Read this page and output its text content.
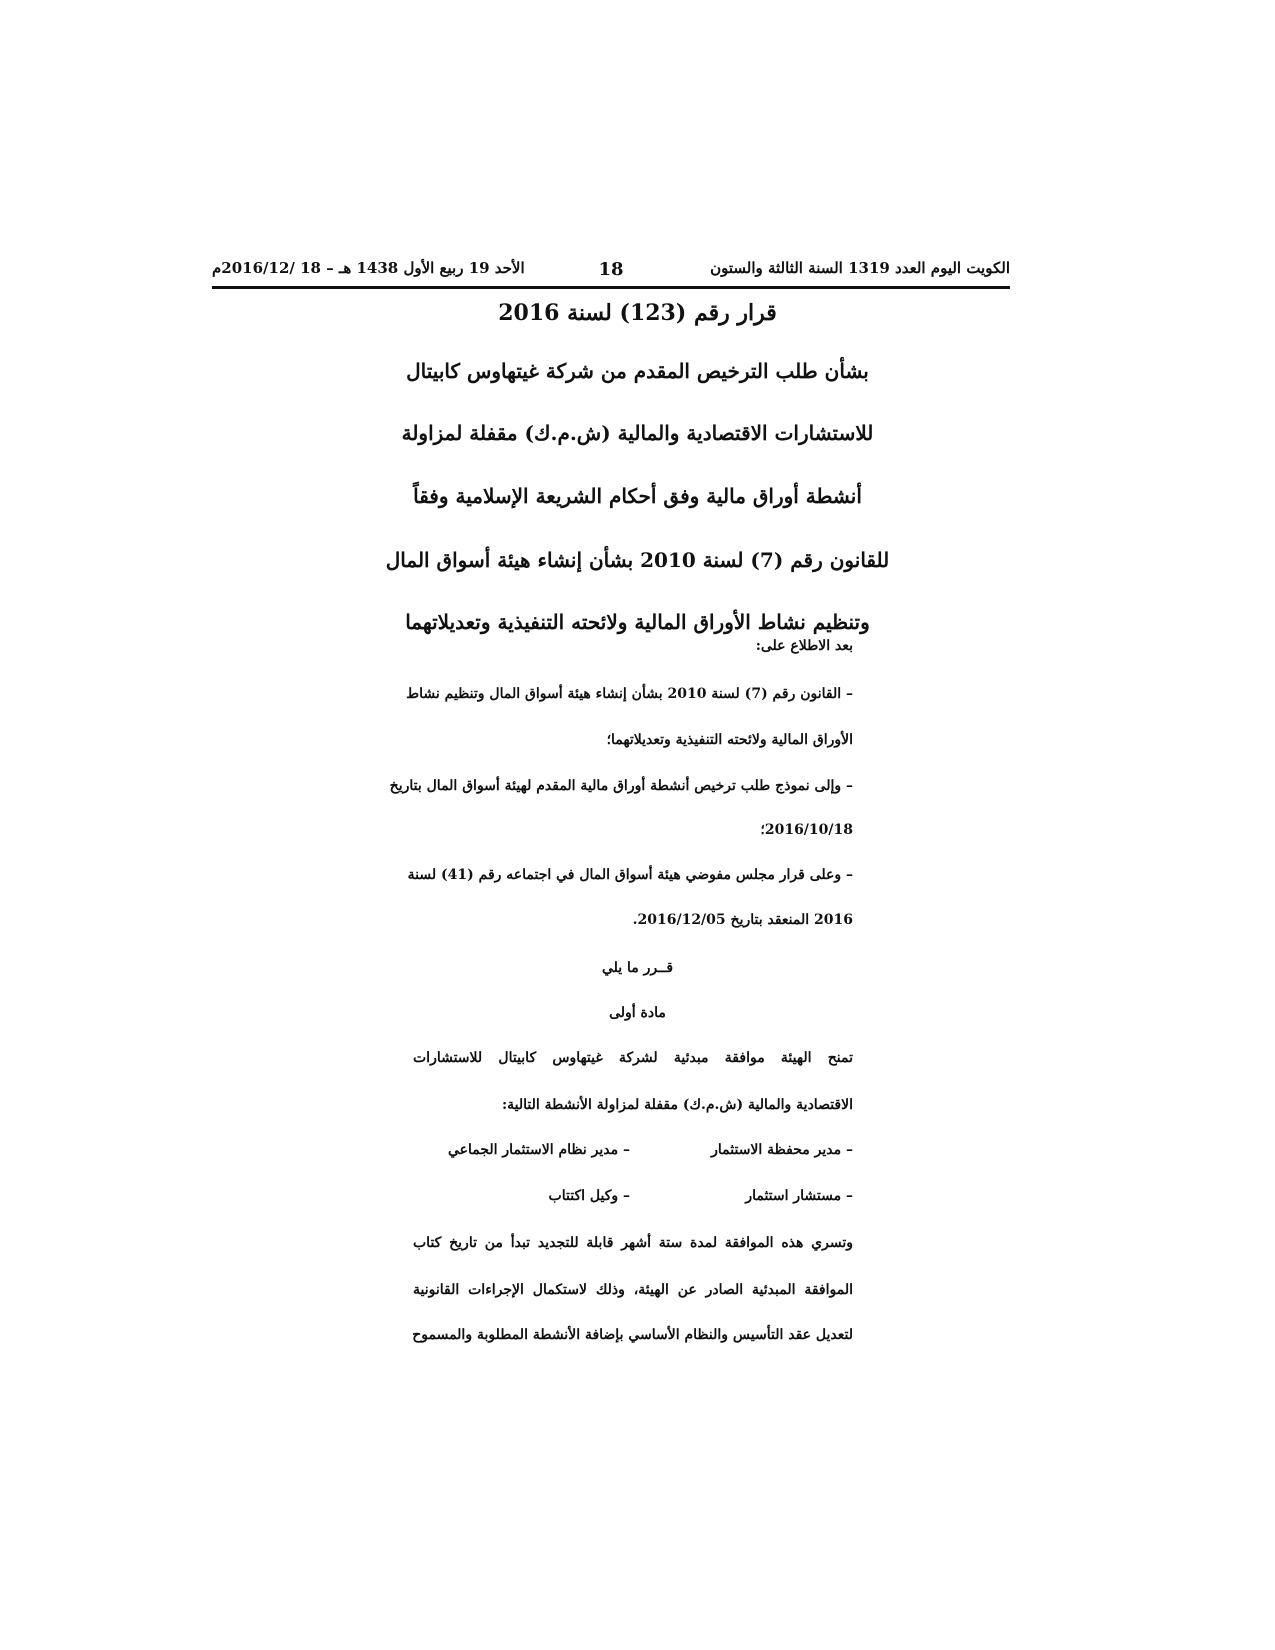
الكويت اليوم العدد 1319 السنة الثالثة والستون
18
الأحد 19 ربيع الأول 1438 هـ – 18 /2016/12م
قرار رقم (123) لسنة 2016
بشأن طلب الترخيص المقدم من شركة غيتهاوس كابيتال
للاستشارات الاقتصادية والمالية (ش.م.ك) مقفلة لمزاولة
أنشطة أوراق مالية وفق أحكام الشريعة الإسلامية وفقاً
للقانون رقم (7) لسنة 2010 بشأن إنشاء هيئة أسواق المال
وتنظيم نشاط الأوراق المالية ولائحته التنفيذية وتعديلاتهما
بعد الاطلاع على:
– القانون رقم (7) لسنة 2010 بشأن إنشاء هيئة أسواق المال وتنظيم نشاط
الأوراق المالية ولائحته التنفيذية وتعديلاتهما؛
– وإلى نموذج طلب ترخيص أنشطة أوراق مالية المقدم لهيئة أسواق المال بتاريخ
2016/10/18؛
– وعلى قرار مجلس مفوضي هيئة أسواق المال في اجتماعه رقم (41) لسنة
2016 المنعقد بتاريخ 2016/12/05.
قــرر ما يلي
مادة أولى
تمنح الهيئة موافقة مبدئية لشركة غيتهاوس كابيتال للاستشارات
الاقتصادية والمالية (ش.م.ك) مقفلة لمزاولة الأنشطة التالية:
– مدير محفظة الاستثمار
– مدير نظام الاستثمار الجماعي
– مستشار استثمار
– وكيل اكتتاب
وتسري هذه الموافقة لمدة ستة أشهر قابلة للتجديد تبدأ من تاريخ كتاب
الموافقة المبدئية الصادر عن الهيئة، وذلك لاستكمال الإجراءات القانونية
لتعديل عقد التأسيس والنظام الأساسي بإضافة الأنشطة المطلوبة والمسموح
